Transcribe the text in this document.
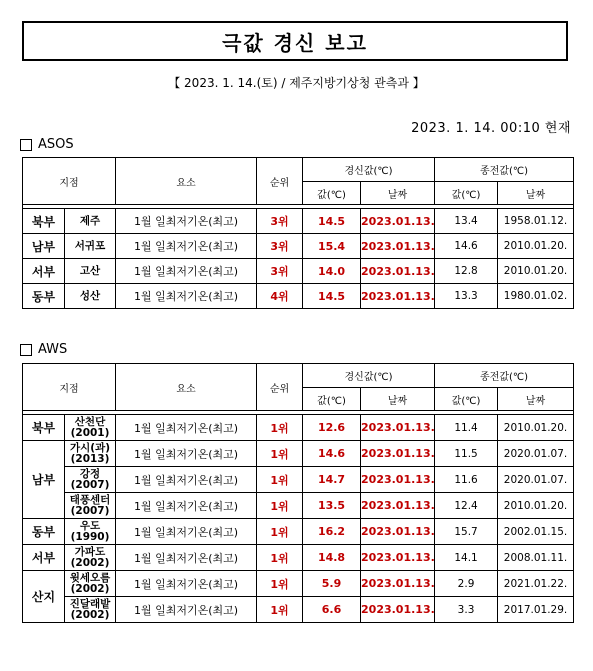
극값 경신 보고
【 2023. 1. 14.(토) / 제주지방기상청 관측과 】
2023. 1. 14. 00:10 현재
ASOS
지점		요소	순위	경신값(℃)		종전값(℃)	
				값(℃)	날짜	값(℃)	날짜

북부	제주	1월 일최저기온(최고)	3위	14.5	2023.01.13.	13.4	1958.01.12.
남부	서귀포	1월 일최저기온(최고)	3위	15.4	2023.01.13.	14.6	2010.01.20.
서부	고산	1월 일최저기온(최고)	3위	14.0	2023.01.13.	12.8	2010.01.20.
동부	성산	1월 일최저기온(최고)	4위	14.5	2023.01.13.	13.3	1980.01.02.
AWS
지점		요소	순위	경신값(℃)		종전값(℃)	
				값(℃)	날짜	값(℃)	날짜

북부	산천단
(2001)	1월 일최저기온(최고)	1위	12.6	2023.01.13.	11.4	2010.01.20.
남부	가시(과)
(2013)	1월 일최저기온(최고)	1위	14.6	2023.01.13.	11.5	2020.01.07.

	강정
(2007)	1월 일최저기온(최고)	1위	14.7	2023.01.13.	11.6	2020.01.07.

	태풍센터
(2007)	1월 일최저기온(최고)	1위	13.5	2023.01.13.	12.4	2010.01.20.
동부	우도
(1990)	1월 일최저기온(최고)	1위	16.2	2023.01.13.	15.7	2002.01.15.
서부	가파도
(2002)	1월 일최저기온(최고)	1위	14.8	2023.01.13.	14.1	2008.01.11.
산지	윗세오름
(2002)	1월 일최저기온(최고)	1위	5.9	2023.01.13.	2.9	2021.01.22.

	진달래밭
(2002)	1월 일최저기온(최고)	1위	6.6	2023.01.13.	3.3	2017.01.29.
